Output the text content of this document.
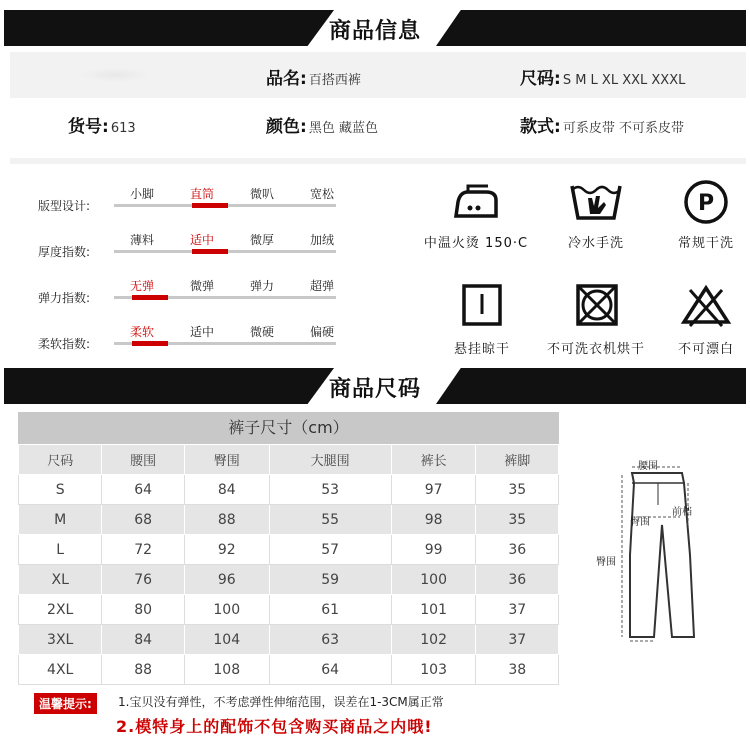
商品信息
品名: 百搭西裤	尺码: S M L XL XXL XXXL
货号: 613	颜色: 黑色 藏蓝色	款式: 可系皮带 不可系皮带
版型设计:
小脚	直筒	微叭	宽松
厚度指数:
薄料	适中	微厚	加绒
弹力指数:
无弹	微弹	弹力	超弹
柔软指数:
柔软	适中	微硬	偏硬
中温火烫 150·C	冷水手洗
P
常规干洗
悬挂晾干	不可洗衣机烘干	不可漂白
商品尺码
裤子尺寸（cm）
尺码	腰围	臀围	大腿围	裤长	裤脚
S	64	84	53	97	35
M	68	88	55	98	35
L	72	92	57	99	36
XL	76	96	59	100	36
2XL	80	100	61	101	37
3XL	84	104	63	102	37
4XL	88	108	64	103	38
腰围
前档
臀围
臀围
温馨提示:	1.宝贝没有弹性，不考虑弹性伸缩范围，误差在1-3CM属正常
2.模特身上的配饰不包含购买商品之内哦!
